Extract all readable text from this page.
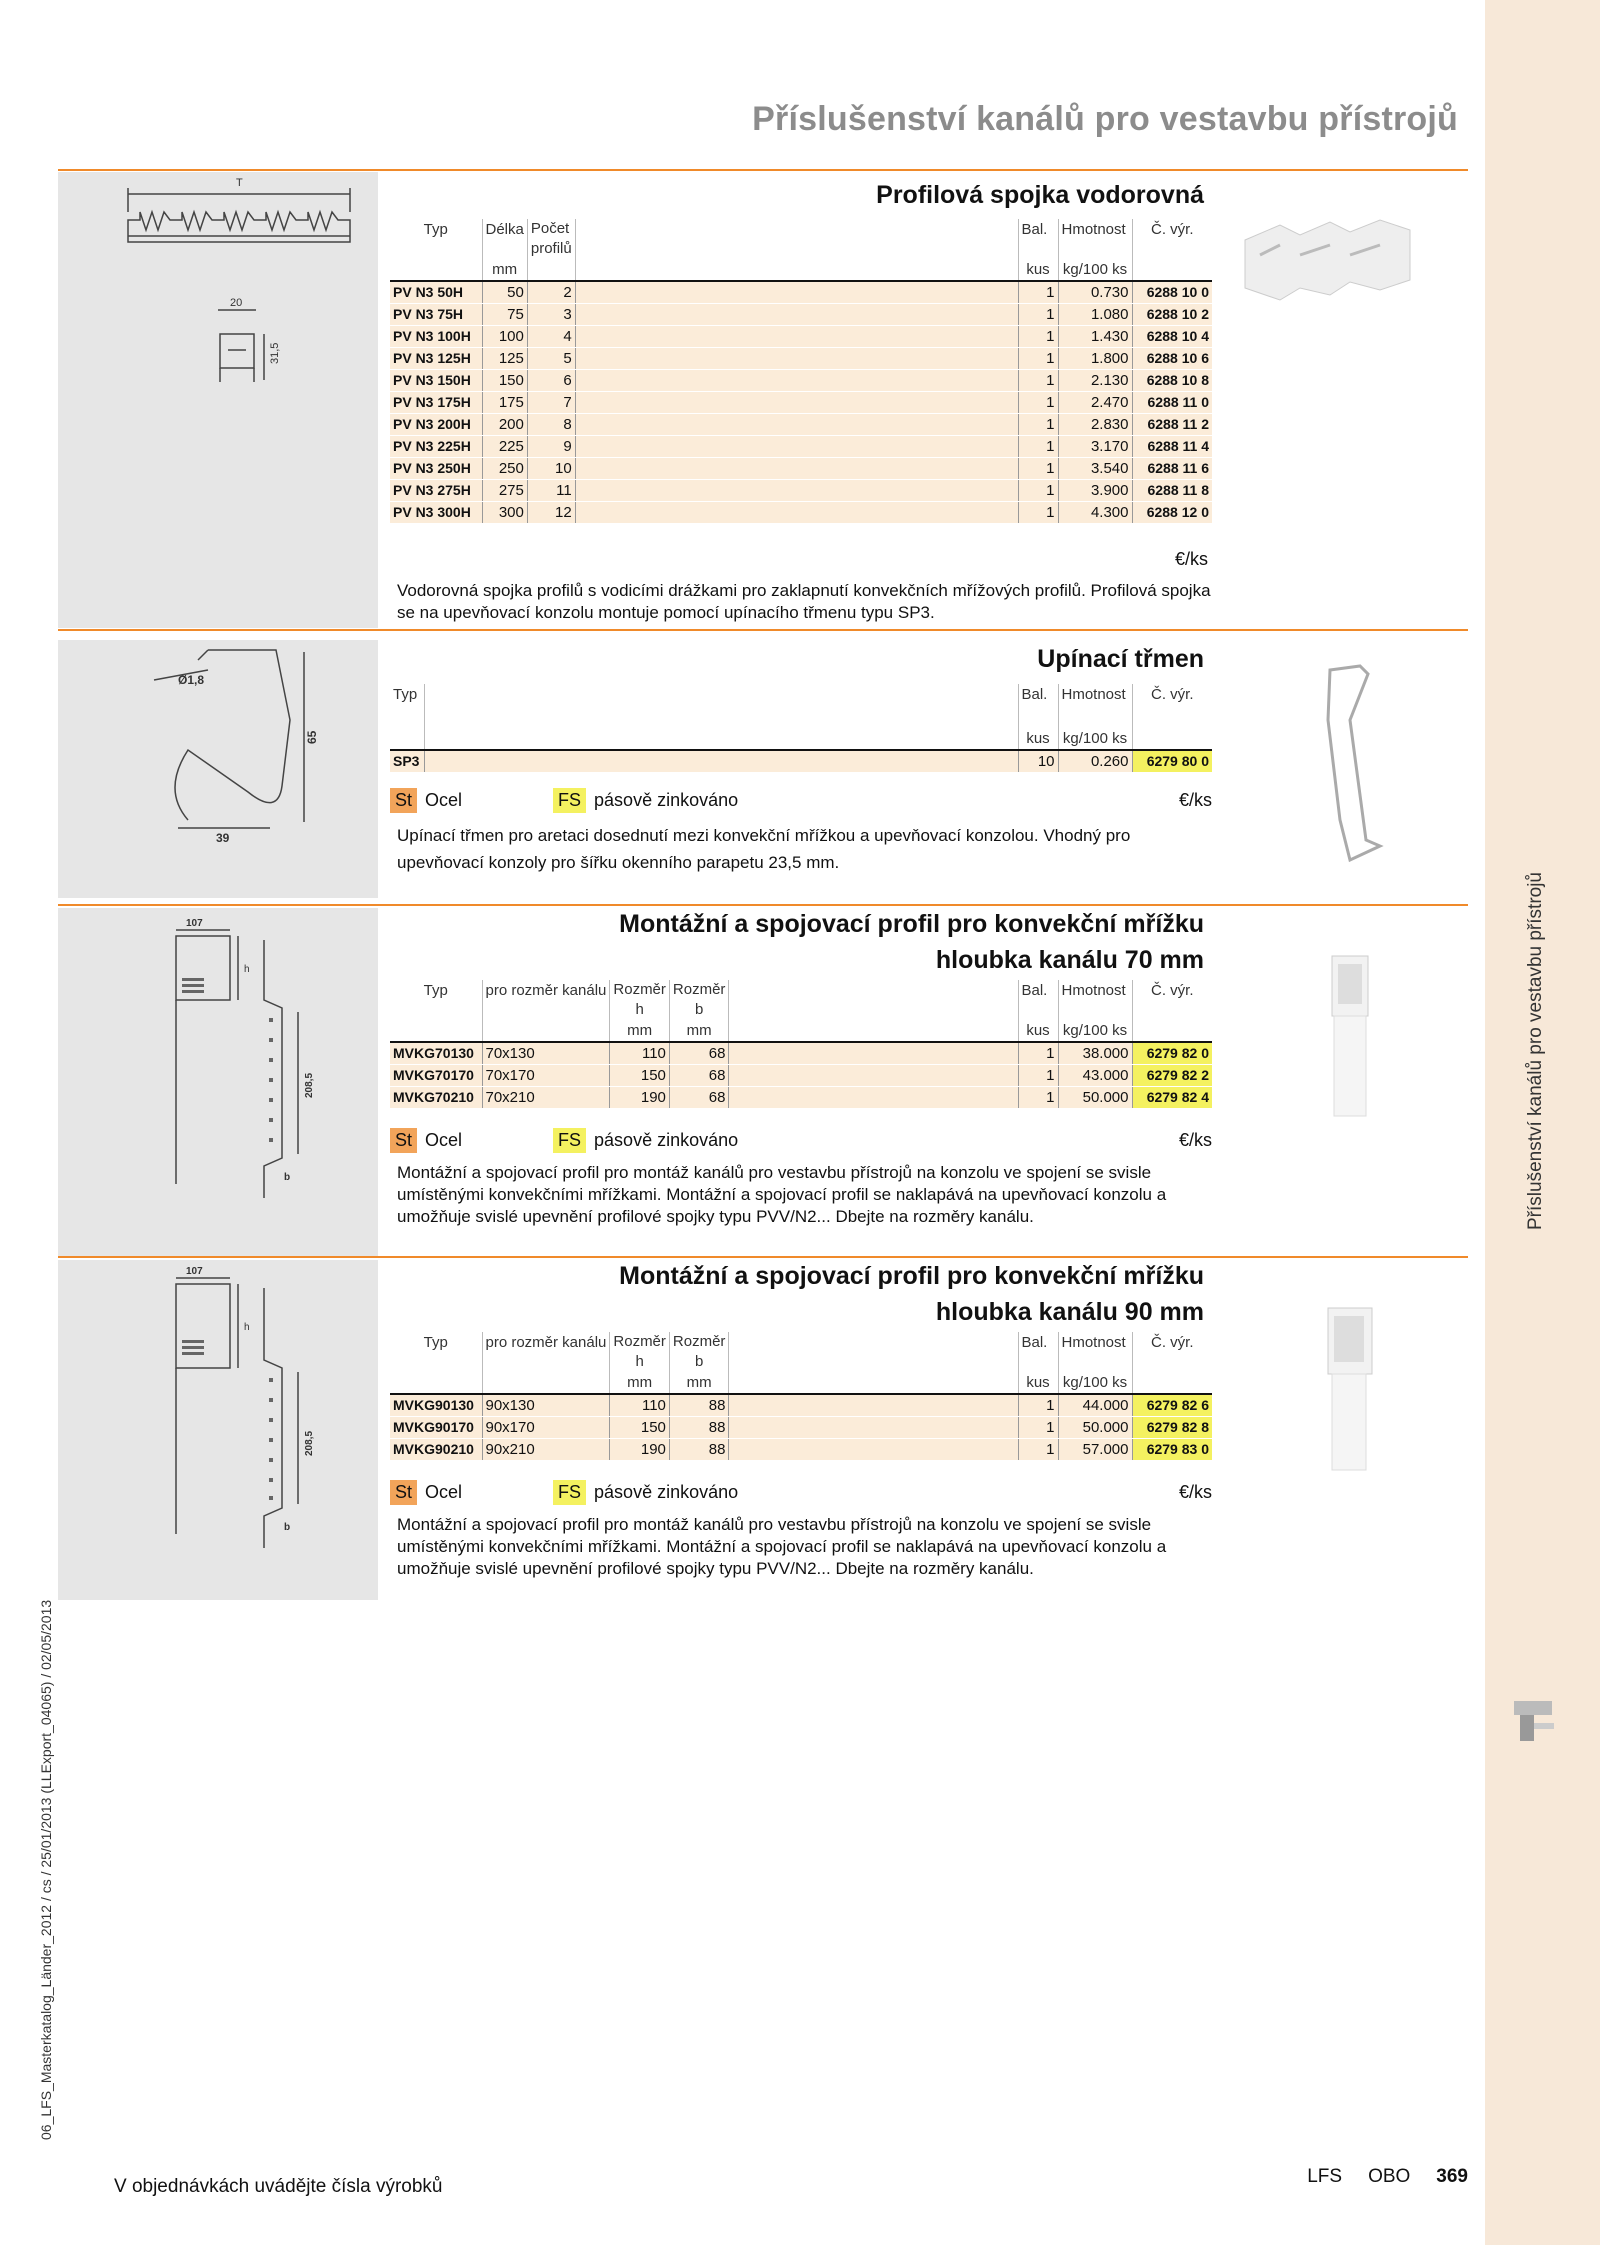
Příslušenství kanálů pro vestavbu přístrojů
06_LFS_Masterkatalog_Länder_2012 / cs / 25/01/2013 (LLExport_04065) / 02/05/2013
Příslušenství kanálů pro vestavbu přístrojů
T
20
31,5
Profilová spojka vodorovná
Typ	Délka	Počet profilů		Bal.	Hmotnost	Č. výr.
	mm			kus	kg/100 ks	
PV N3 50H	50	2		1	0.730	6288 10 0
PV N3 75H	75	3		1	1.080	6288 10 2
PV N3 100H	100	4		1	1.430	6288 10 4
PV N3 125H	125	5		1	1.800	6288 10 6
PV N3 150H	150	6		1	2.130	6288 10 8
PV N3 175H	175	7		1	2.470	6288 11 0
PV N3 200H	200	8		1	2.830	6288 11 2
PV N3 225H	225	9		1	3.170	6288 11 4
PV N3 250H	250	10		1	3.540	6288 11 6
PV N3 275H	275	11		1	3.900	6288 11 8
PV N3 300H	300	12		1	4.300	6288 12 0
€/ks
Vodorovná spojka profilů s vodicími drážkami pro zaklapnutí konvekčních mřížových profilů. Profilová spojka se na upevňovací konzolu montuje pomocí upínacího třmenu typu SP3.
Ø1,8
65
39
Upínací třmen
Typ		Bal.	Hmotnost	Č. výr.

		kus	kg/100 ks	
SP3		10	0.260	6279 80 0
St Ocel	FS pásově zinkováno	€/ks
Upínací třmen pro aretaci dosednutí mezi konvekční mřížkou a upevňovací konzolou. Vhodný pro upevňovací konzoly pro šířku okenního parapetu 23,5 mm.
107
h
b
208,5
Montážní a spojovací profil pro konvekční mřížku
hloubka kanálu 70 mm
Typ	pro rozměr kanálu	Rozměr h	Rozměr b		Bal.	Hmotnost	Č. výr.
		mm	mm		kus	kg/100 ks	
MVKG70130	70x130	110	68		1	38.000	6279 82 0
MVKG70170	70x170	150	68		1	43.000	6279 82 2
MVKG70210	70x210	190	68		1	50.000	6279 82 4
St Ocel	FS pásově zinkováno	€/ks
Montážní a spojovací profil pro montáž kanálů pro vestavbu přístrojů na konzolu ve spojení se svisle umístěnými konvekčními mřížkami. Montážní a spojovací profil se naklapává na upevňovací konzolu a umožňuje svislé upevnění profilové spojky typu PVV/N2... Dbejte na rozměry kanálu.
107
h
b
208,5
Montážní a spojovací profil pro konvekční mřížku
hloubka kanálu 90 mm
Typ	pro rozměr kanálu	Rozměr h	Rozměr b		Bal.	Hmotnost	Č. výr.
		mm	mm		kus	kg/100 ks	
MVKG90130	90x130	110	88		1	44.000	6279 82 6
MVKG90170	90x170	150	88		1	50.000	6279 82 8
MVKG90210	90x210	190	88		1	57.000	6279 83 0
St Ocel	FS pásově zinkováno	€/ks
Montážní a spojovací profil pro montáž kanálů pro vestavbu přístrojů na konzolu ve spojení se svisle umístěnými konvekčními mřížkami. Montážní a spojovací profil se naklapává na upevňovací konzolu a umožňuje svislé upevnění profilové spojky typu PVV/N2... Dbejte na rozměry kanálu.
V objednávkách uvádějte čísla výrobků	LFS OBO 369
